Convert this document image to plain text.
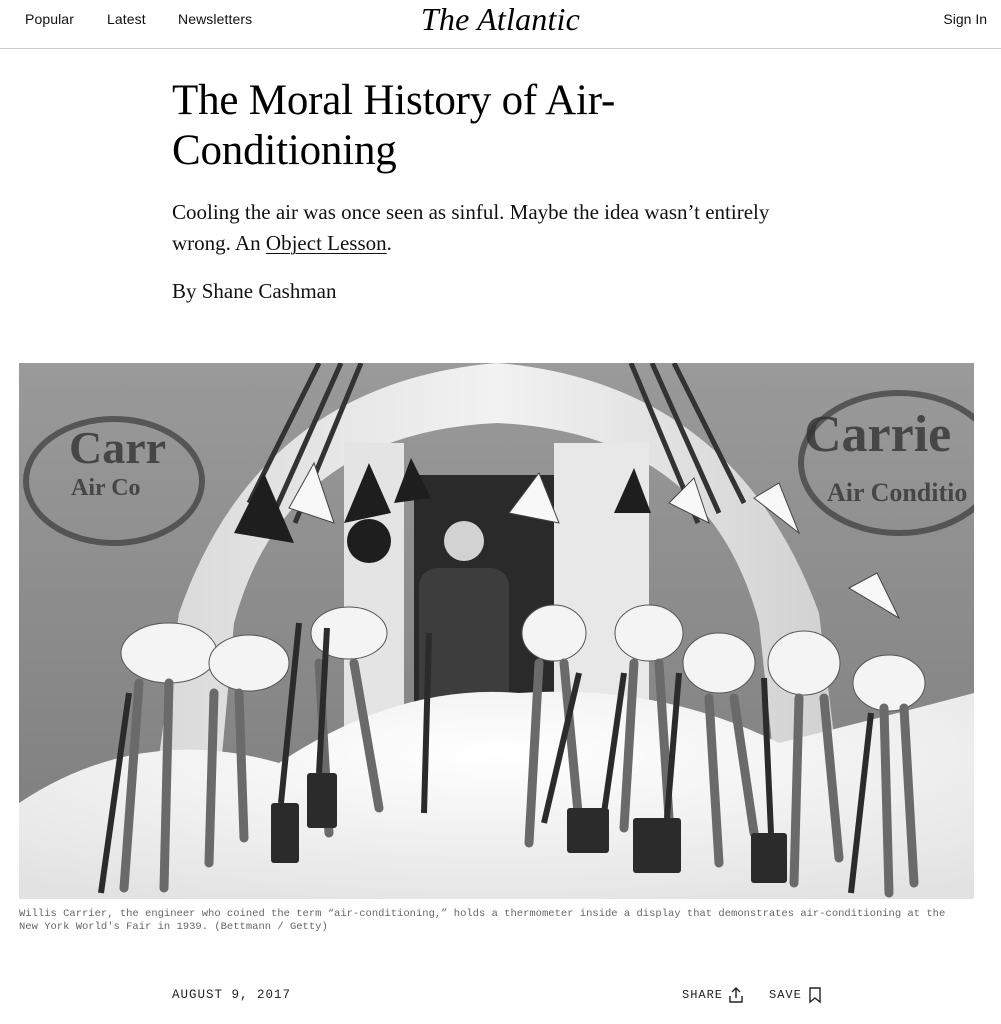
Popular Latest Newsletters	The Atlantic	Sign In
The Moral History of Air-Conditioning

Cooling the air was once seen as sinful. Maybe the idea wasn’t entirely wrong. An Object Lesson.

By Shane Cashman
Carr
Air Co
Carrie
Air Conditio

Willis Carrier, the engineer who coined the term “air-conditioning,” holds a thermometer inside a display that demonstrates air-conditioning at the New York World's Fair in 1939. (Bettmann / Getty)

AUGUST 9, 2017	SHARE	SAVE
